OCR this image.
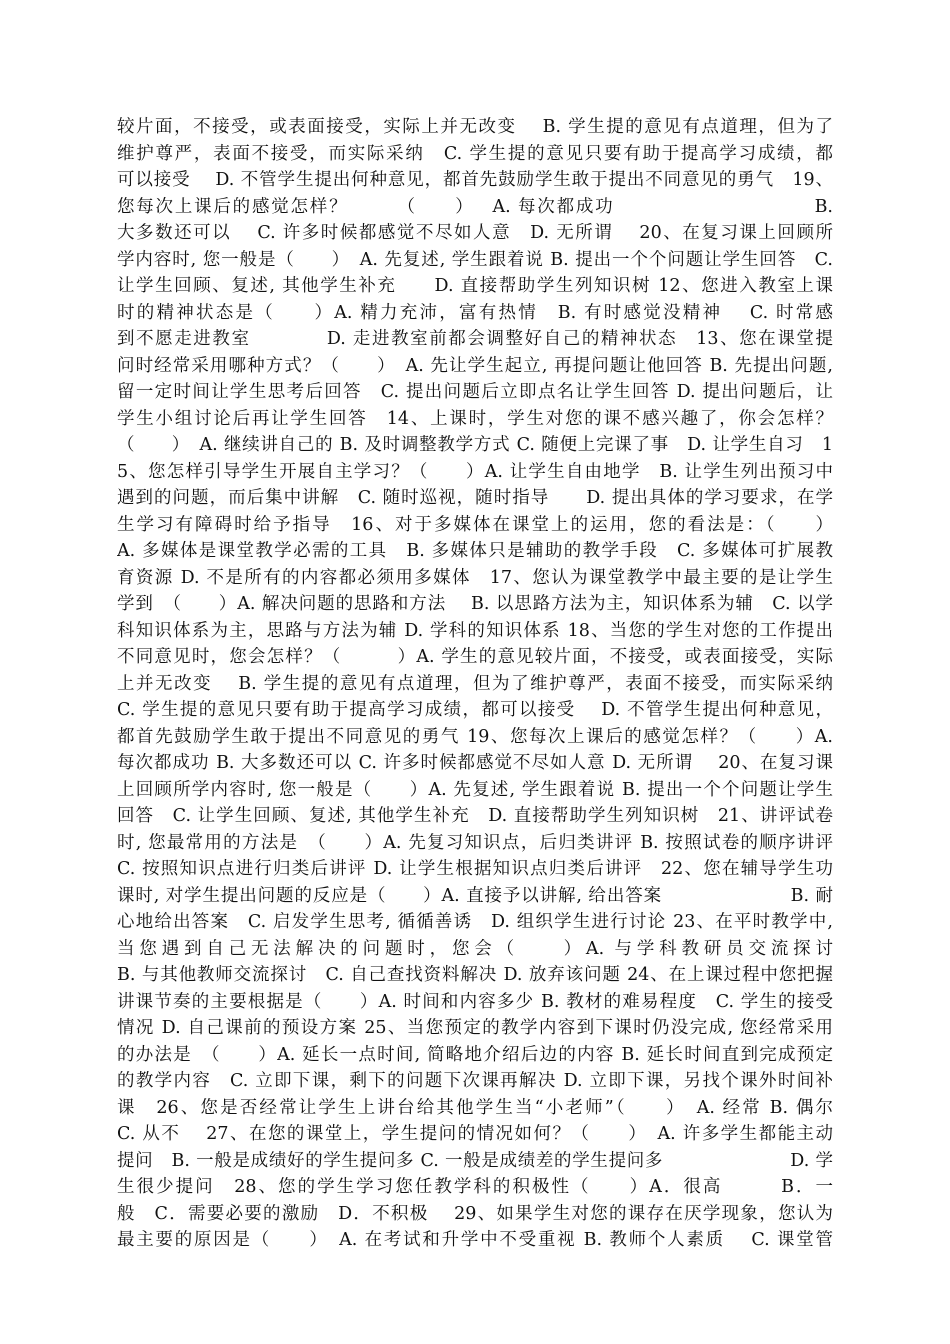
较片面，不接受，或表面接受，实际上并无改变　 B. 学生提的意见有点道理，但为了
维护尊严，表面不接受，而实际采纳　C. 学生提的意见只要有助于提高学习成绩，都
可以接受　 D. 不管学生提出何种意见，都首先鼓励学生敢于提出不同意见的勇气　19、
您每次上课后的感觉怎样？　　　（　　）　 A. 每次都成功　　　　　　　　　　 B.
大多数还可以　 C. 许多时候都感觉不尽如人意　D. 无所谓　 20、在复习课上回顾所
学内容时, 您一般是（　　）　A. 先复述, 学生跟着说 B. 提出一个个问题让学生回答　C.
让学生回顾、复述, 其他学生补充　　D. 直接帮助学生列知识树 12、您进入教室上课
时的精神状态是（　　）A. 精力充沛，富有热情　B. 有时感觉没精神　 C. 时常感
到不愿走进教室　　　　D. 走进教室前都会调整好自己的精神状态　13、您在课堂提
问时经常采用哪种方式？（　　）　A. 先让学生起立, 再提问题让他回答 B. 先提出问题,
留一定时间让学生思考后回答　C. 提出问题后立即点名让学生回答 D. 提出问题后，让
学生小组讨论后再让学生回答　14、上课时，学生对您的课不感兴趣了，你会怎样？
（　　）　A. 继续讲自己的 B. 及时调整教学方式 C. 随便上完课了事　D. 让学生自习　1
5、您怎样引导学生开展自主学习？（　　）A. 让学生自由地学　B. 让学生列出预习中
遇到的问题，而后集中讲解　C. 随时巡视，随时指导　　D. 提出具体的学习要求，在学
生学习有障碍时给予指导　16、对于多媒体在课堂上的运用，您的看法是：（　　）
A. 多媒体是课堂教学必需的工具　B. 多媒体只是辅助的教学手段　C. 多媒体可扩展教
育资源 D. 不是所有的内容都必须用多媒体　17、您认为课堂教学中最主要的是让学生
学到　（　　）A. 解决问题的思路和方法　 B. 以思路方法为主，知识体系为辅　C. 以学
科知识体系为主，思路与方法为辅 D. 学科的知识体系 18、当您的学生对您的工作提出
不同意见时，您会怎样？（　　　）A. 学生的意见较片面，不接受，或表面接受，实际
上并无改变　 B. 学生提的意见有点道理，但为了维护尊严，表面不接受，而实际采纳
C. 学生提的意见只要有助于提高学习成绩，都可以接受　 D. 不管学生提出何种意见，
都首先鼓励学生敢于提出不同意见的勇气 19、您每次上课后的感觉怎样？（　　）A.
每次都成功 B. 大多数还可以 C. 许多时候都感觉不尽如人意 D. 无所谓　 20、在复习课
上回顾所学内容时, 您一般是（　　）A. 先复述, 学生跟着说 B. 提出一个个问题让学生
回答　C. 让学生回顾、复述, 其他学生补充　D. 直接帮助学生列知识树　21、讲评试卷
时, 您最常用的方法是　（　　）A. 先复习知识点，后归类讲评 B. 按照试卷的顺序讲评
C. 按照知识点进行归类后讲评 D. 让学生根据知识点归类后讲评　22、您在辅导学生功
课时, 对学生提出问题的反应是（　　）A. 直接予以讲解, 给出答案　　　　　　　B. 耐
心地给出答案　C. 启发学生思考, 循循善诱　D. 组织学生进行讨论 23、在平时教学中,
当您遇到自己无法解决的问题时，您会（　　）A. 与学科教研员交流探讨
B. 与其他教师交流探讨　C. 自己查找资料解决 D. 放弃该问题 24、在上课过程中您把握
讲课节奏的主要根据是（　　）A. 时间和内容多少 B. 教材的难易程度　C. 学生的接受
情况 D. 自己课前的预设方案 25、当您预定的教学内容到下课时仍没完成, 您经常采用
的办法是　（　　）A. 延长一点时间, 简略地介绍后边的内容 B. 延长时间直到完成预定
的教学内容　C. 立即下课，剩下的问题下次课再解决 D. 立即下课，另找个课外时间补
课　26、您是否经常让学生上讲台给其他学生当“小老师”（　　）　A. 经常 B. 偶尔
C. 从不　 27、在您的课堂上，学生提问的情况如何？（　　）　A. 许多学生都能主动
提问　B. 一般是成绩好的学生提问多 C. 一般是成绩差的学生提问多　　　　　　　D. 学
生很少提问　28、您的学生学习您任教学科的积极性（　　）A．很高　　　B．一
般　C．需要必要的激励　D．不积极　 29、如果学生对您的课存在厌学现象，您认为
最主要的原因是（　　）　A. 在考试和升学中不受重视 B. 教师个人素质　 C. 课堂管
